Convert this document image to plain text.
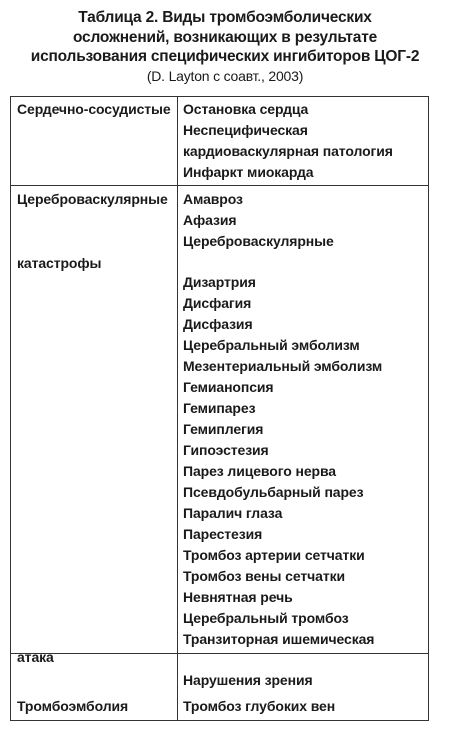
Таблица 2. Виды тромбоэмболических
осложнений, возникающих в результате
использования специфических ингибиторов ЦОГ-2
(D. Layton с соавт., 2003)
Сердечно-сосудистые Остановка сердца
Неспецифическая
кардиоваскулярная патология
Инфаркт миокарда
Цереброваскулярные
катастрофы
Амавроз
Афазия
Цереброваскулярные
Дизартрия
Дисфагия
Дисфазия
Церебральный эмболизм
Мезентериальный эмболизм
Гемианопсия
Гемипарез
Гемиплегия
Гипоэстезия
Парез лицевого нерва
Псевдобульбарный парез
Паралич глаза
Парестезия
Тромбоз артерии сетчатки
Тромбоз вены сетчатки
Невнятная речь
Церебральный тромбоз
Транзиторная ишемическая
атака
Нарушения зрения
Тромбоэмболия	Тромбоз глубоких вен
